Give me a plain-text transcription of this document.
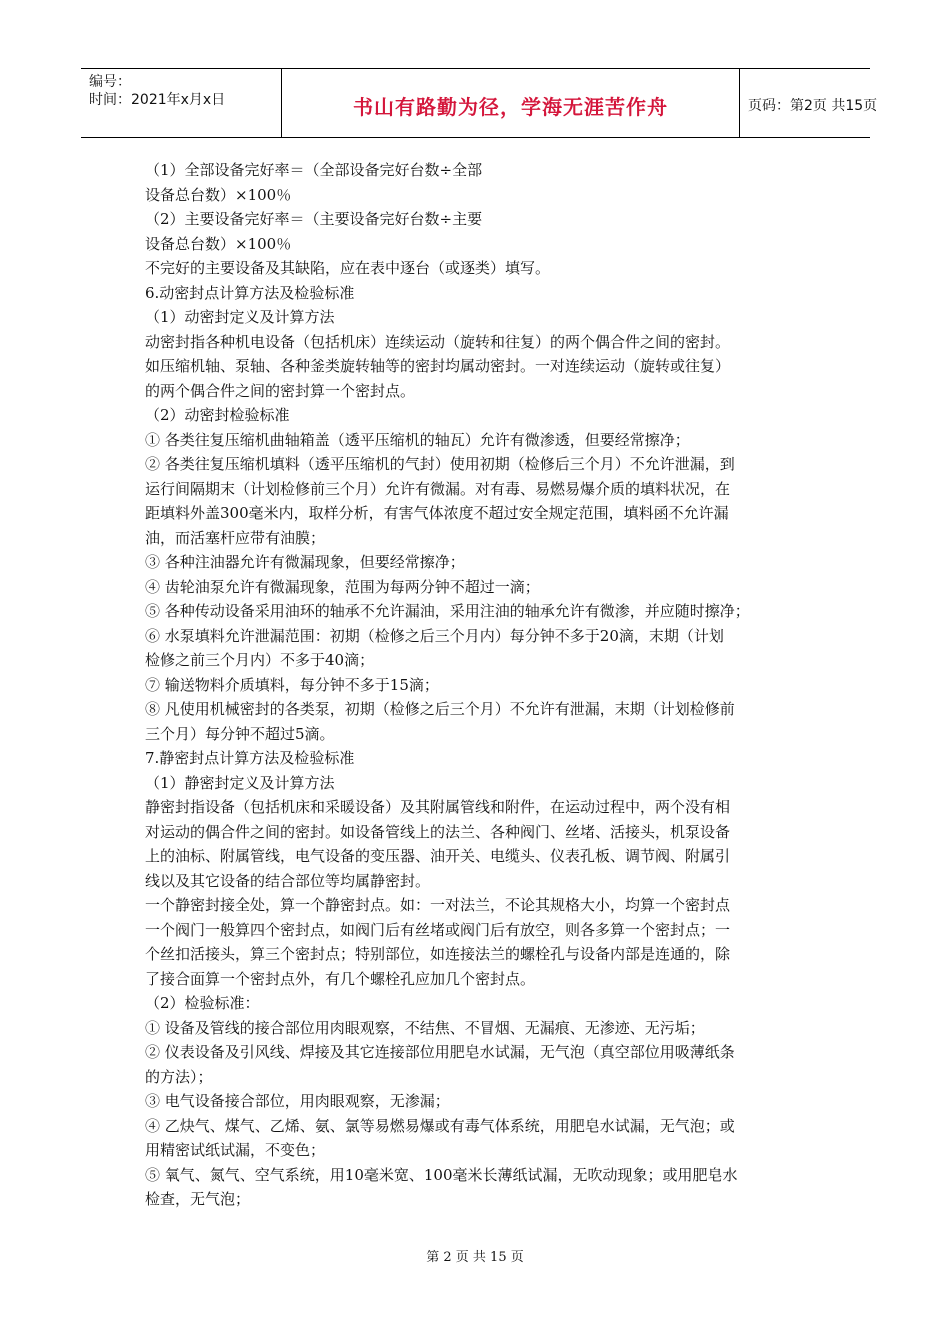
编号：
时间：2021年x月x日	书山有路勤为径，学海无涯苦作舟	页码：第2页 共15页

（1）全部设备完好率＝（全部设备完好台数÷全部

设备总台数）×100％

（2）主要设备完好率＝（主要设备完好台数÷主要

设备总台数）×100％

不完好的主要设备及其缺陷，应在表中逐台（或逐类）填写。

6.动密封点计算方法及检验标准

（1）动密封定义及计算方法

动密封指各种机电设备（包括机床）连续运动（旋转和往复）的两个偶合件之间的密封。

如压缩机轴、泵轴、各种釜类旋转轴等的密封均属动密封。一对连续运动（旋转或往复）

的两个偶合件之间的密封算一个密封点。

（2）动密封检验标准

① 各类往复压缩机曲轴箱盖（透平压缩机的轴瓦）允许有微渗透，但要经常擦净；

② 各类往复压缩机填料（透平压缩机的气封）使用初期（检修后三个月）不允许泄漏，到

运行间隔期末（计划检修前三个月）允许有微漏。对有毒、易燃易爆介质的填料状况，在

距填料外盖300毫米内，取样分析，有害气体浓度不超过安全规定范围，填料函不允许漏

油，而活塞杆应带有油膜；

③ 各种注油器允许有微漏现象，但要经常擦净；

④ 齿轮油泵允许有微漏现象，范围为每两分钟不超过一滴；

⑤ 各种传动设备采用油环的轴承不允许漏油，采用注油的轴承允许有微渗，并应随时擦净；

⑥ 水泵填料允许泄漏范围：初期（检修之后三个月内）每分钟不多于20滴，末期（计划

检修之前三个月内）不多于40滴；

⑦ 输送物料介质填料，每分钟不多于15滴；

⑧ 凡使用机械密封的各类泵，初期（检修之后三个月）不允许有泄漏，末期（计划检修前

三个月）每分钟不超过5滴。

7.静密封点计算方法及检验标准

（1）静密封定义及计算方法

静密封指设备（包括机床和采暖设备）及其附属管线和附件，在运动过程中，两个没有相

对运动的偶合件之间的密封。如设备管线上的法兰、各种阀门、丝堵、活接头，机泵设备

上的油标、附属管线，电气设备的变压器、油开关、电缆头、仪表孔板、调节阀、附属引

线以及其它设备的结合部位等均属静密封。

一个静密封接全处，算一个静密封点。如：一对法兰，不论其规格大小，均算一个密封点

一个阀门一般算四个密封点，如阀门后有丝堵或阀门后有放空，则各多算一个密封点；一

个丝扣活接头，算三个密封点；特别部位，如连接法兰的螺栓孔与设备内部是连通的，除

了接合面算一个密封点外，有几个螺栓孔应加几个密封点。

（2）检验标准：

① 设备及管线的接合部位用肉眼观察，不结焦、不冒烟、无漏痕、无渗迹、无污垢；

② 仪表设备及引风线、焊接及其它连接部位用肥皂水试漏，无气泡（真空部位用吸薄纸条

的方法）；

③ 电气设备接合部位，用肉眼观察，无渗漏；

④ 乙炔气、煤气、乙烯、氨、氯等易燃易爆或有毒气体系统，用肥皂水试漏，无气泡；或

用精密试纸试漏，不变色；

⑤ 氧气、氮气、空气系统，用10毫米宽、100毫米长薄纸试漏，无吹动现象；或用肥皂水

检查，无气泡；

第 2 页 共 15 页
